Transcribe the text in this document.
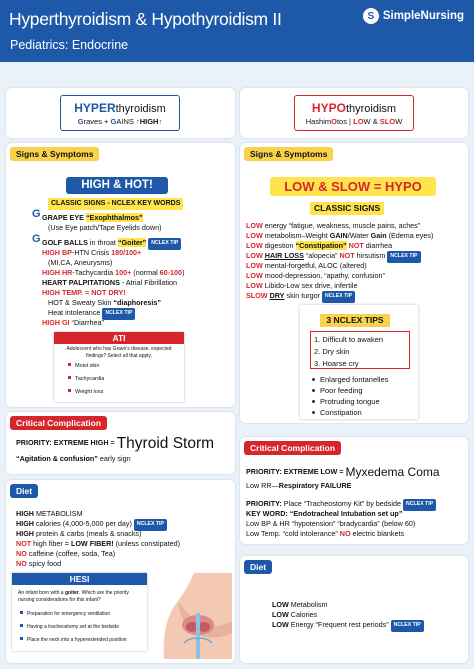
Hyperthyroidism & Hypothyroidism II
Pediatrics: Endocrine
S SimpleNursing
HYPERthyroidism
Graves + GAINS ↑HIGH↑
HYPOthyroidism
HashimOtos | LOW & SLOW
Signs & Symptoms
HIGH & HOT!
CLASSIC SIGNS - NCLEX KEY WORDS
G GRAPE EYE “Exophthalmos”
(Use Eye patch/Tape Eyelids down)
G GOLF BALLS in throat “Goiter” NCLEX TIP
HIGH BP-HTN Crisis 180/100+
(MI,CA, Aneurysms)
HIGH HR-Tachycardia 100+ (normal 60-100)
HEART PALPITATIONS - Atrial Fibrillation
HIGH TEMP. = NOT DRY!
HOT & Sweaty Skin “diaphoresis”
Heat intolerance NCLEX TIP
HIGH GI “Diarrhea”
ATI
Adolescent who has Grave's disease, expected findings? Select all that apply.
Moist skin
Tachycardia
Weight loss
Critical Complication
PRIORITY: EXTREME HIGH = Thyroid Storm
“Agitation & confusion” early sign
Diet
HIGH METABOLISM
HIGH calories (4,000-5,000 per day) NCLEX TIP
HIGH protein & carbs (meals & snacks)
NOT high fiber = LOW FIBER! (unless constipated)
NO caffeine (coffee, soda, Tea)
NO spicy food
HESI
An infant born with a goiter. Which are the priority nursing considerations for this infant?
Preparation for emergency ventilation
Having a tracheostomy set at the bedside
Place the neck into a hyperextended position
Signs & Symptoms
LOW & SLOW = HYPO
CLASSIC SIGNS
LOW energy “fatigue, weakness, muscle pains, aches”
LOW metabolism–Weight GAIN/Water Gain (Edema eyes)
LOW digestion “Constipation” NOT diarrhea
LOW HAIR LOSS “alopecia” NOT hirsutism NCLEX TIP
LOW mental-forgetful, ALOC (altered)
LOW mood-depression, “apathy, confusion”
LOW Libido-Low sex drive, infertile
SLOW DRY skin turgor NCLEX TIP
3 NCLEX TIPS
1. Difficult to awaken
2. Dry skin
3. Hoarse cry
Enlarged fontanelles
Poor feeding
Protruding tongue
Constipation
Critical Complication
PRIORITY: EXTREME LOW = Myxedema Coma
Low RR—Respiratory FAILURE
PRIORITY: Place “Tracheostomy Kit” by bedside NCLEX TIP
KEY WORD: “Endotracheal Intubation set up”
Low BP & HR “hypotension” “bradycardia” (below 60)
Low Temp. “cold intolerance” NO electric blankets
Diet
LOW Metabolism
LOW Calories
LOW Energy “Frequent rest periods” NCLEX TIP
